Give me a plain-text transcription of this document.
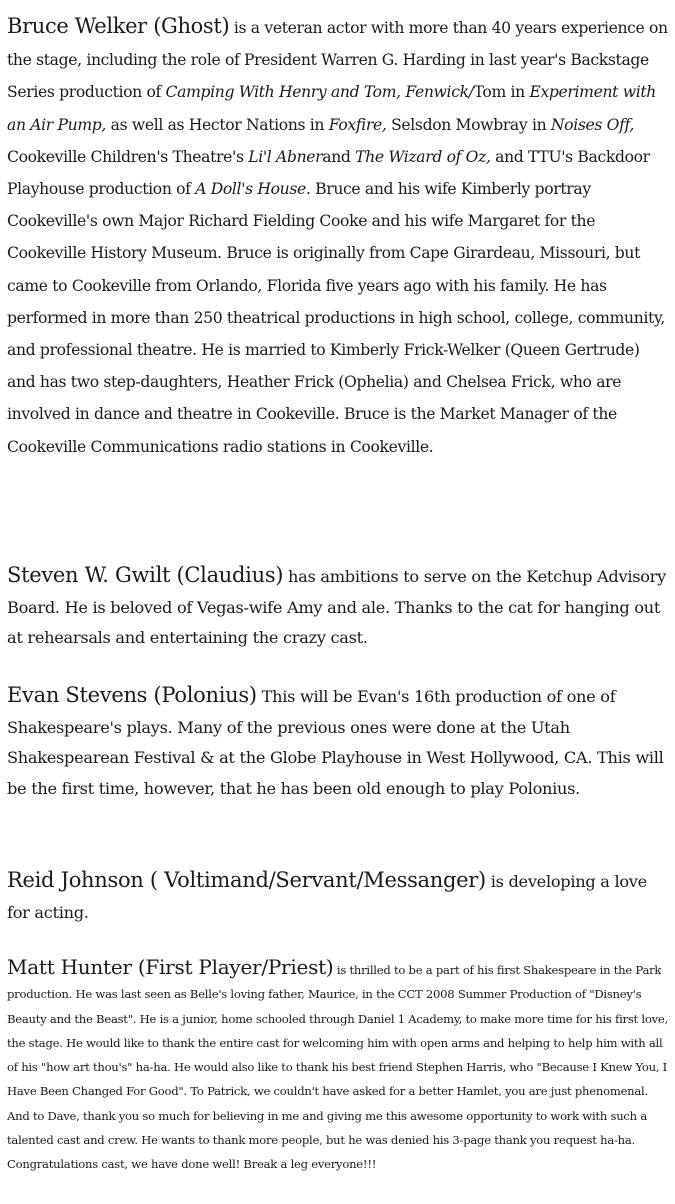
Bruce Welker (Ghost) is a veteran actor with more than 40 years experience on the stage, including the role of President Warren G. Harding in last year's Backstage Series production of Camping With Henry and Tom, Fenwick/Tom in Experiment with an Air Pump, as well as Hector Nations in Foxfire, Selsdon Mowbray in Noises Off, Cookeville Children's Theatre's Li'l Abnerand The Wizard of Oz, and TTU's Backdoor Playhouse production of A Doll's House. Bruce and his wife Kimberly portray Cookeville's own Major Richard Fielding Cooke and his wife Margaret for the Cookeville History Museum. Bruce is originally from Cape Girardeau, Missouri, but came to Cookeville from Orlando, Florida five years ago with his family. He has performed in more than 250 theatrical productions in high school, college, community, and professional theatre. He is married to Kimberly Frick-Welker (Queen Gertrude) and has two step-daughters, Heather Frick (Ophelia) and Chelsea Frick, who are involved in dance and theatre in Cookeville. Bruce is the Market Manager of the Cookeville Communications radio stations in Cookeville.

Steven W. Gwilt (Claudius) has ambitions to serve on the Ketchup Advisory Board. He is beloved of Vegas-wife Amy and ale. Thanks to the cat for hanging out at rehearsals and entertaining the crazy cast.

Evan Stevens (Polonius) This will be Evan's 16th production of one of Shakespeare's plays. Many of the previous ones were done at the Utah Shakespearean Festival & at the Globe Playhouse in West Hollywood, CA. This will be the first time, however, that he has been old enough to play Polonius.

Reid Johnson ( Voltimand/Servant/Messanger) is developing a love for acting.

Matt Hunter (First Player/Priest) is thrilled to be a part of his first Shakespeare in the Park production. He was last seen as Belle's loving father, Maurice, in the CCT 2008 Summer Production of "Disney's Beauty and the Beast". He is a junior, home schooled through Daniel 1 Academy, to make more time for his first love, the stage. He would like to thank the entire cast for welcoming him with open arms and helping to help him with all of his "how art thou's" ha-ha. He would also like to thank his best friend Stephen Harris, who "Because I Knew You, I Have Been Changed For Good". To Patrick, we couldn't have asked for a better Hamlet, you are just phenomenal. And to Dave, thank you so much for believing in me and giving me this awesome opportunity to work with such a talented cast and crew. He wants to thank more people, but he was denied his 3-page thank you request ha-ha. Congratulations cast, we have done well! Break a leg everyone!!!
